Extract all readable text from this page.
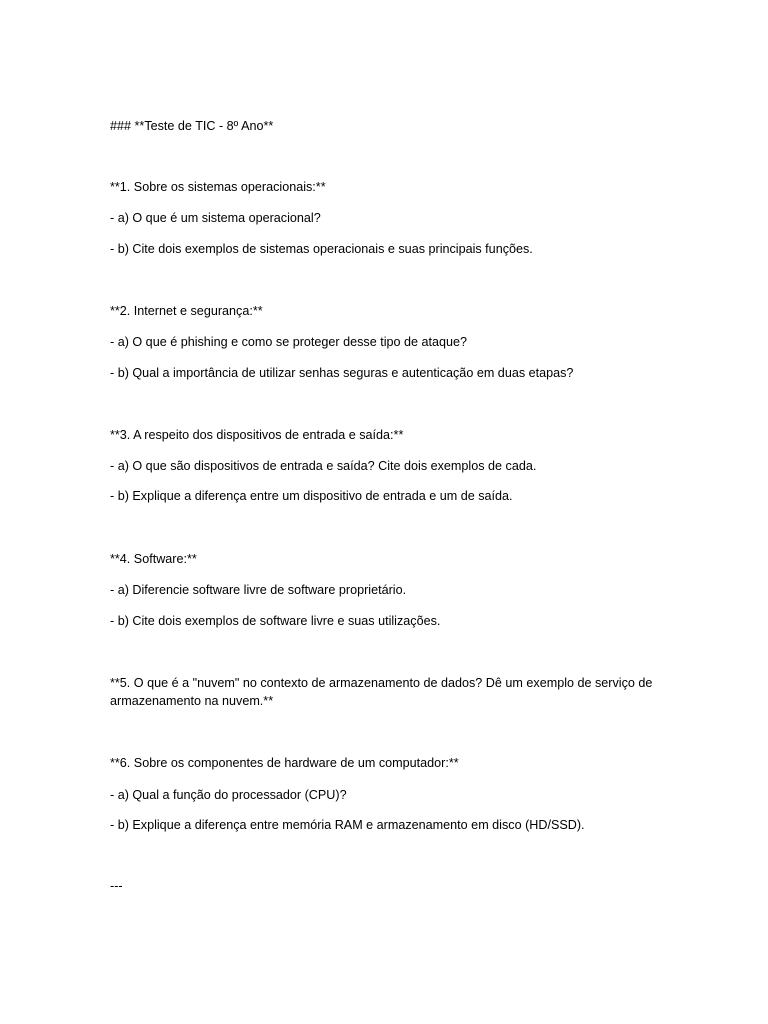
### **Teste de TIC - 8º Ano**
**1. Sobre os sistemas operacionais:**
- a) O que é um sistema operacional?
- b) Cite dois exemplos de sistemas operacionais e suas principais funções.
**2. Internet e segurança:**
- a) O que é phishing e como se proteger desse tipo de ataque?
- b) Qual a importância de utilizar senhas seguras e autenticação em duas etapas?
**3. A respeito dos dispositivos de entrada e saída:**
- a) O que são dispositivos de entrada e saída? Cite dois exemplos de cada.
- b) Explique a diferença entre um dispositivo de entrada e um de saída.
**4. Software:**
- a) Diferencie software livre de software proprietário.
- b) Cite dois exemplos de software livre e suas utilizações.
**5. O que é a "nuvem" no contexto de armazenamento de dados? Dê um exemplo de serviço de armazenamento na nuvem.**
**6. Sobre os componentes de hardware de um computador:**
- a) Qual a função do processador (CPU)?
- b) Explique a diferença entre memória RAM e armazenamento em disco (HD/SSD).
---
